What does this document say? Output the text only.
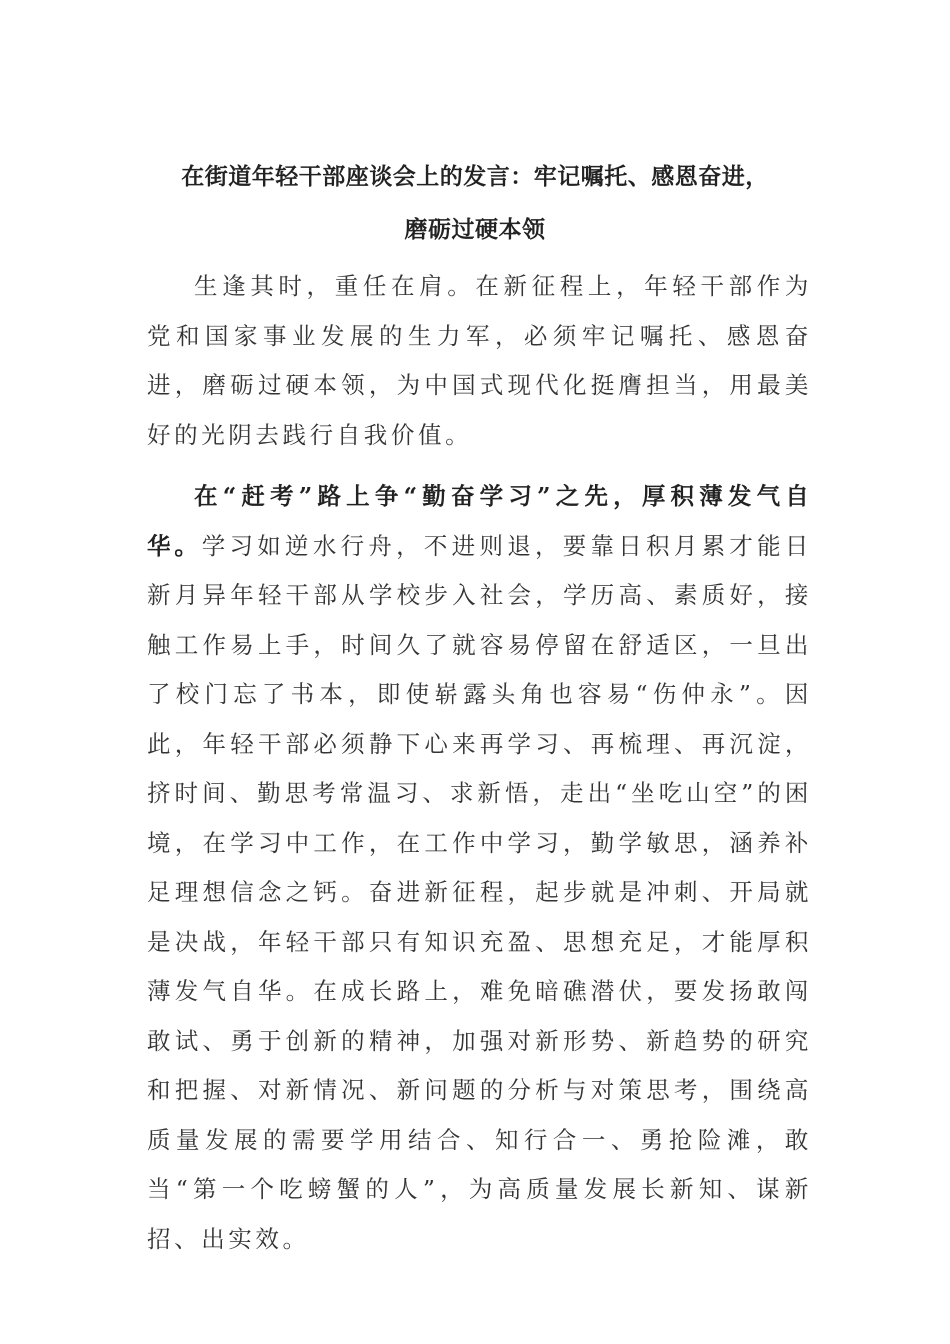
在街道年轻干部座谈会上的发言：牢记嘱托、感恩奋进，
磨砺过硬本领

生逢其时，重任在肩。在新征程上，年轻干部作为党和国家事业发展的生力军，必须牢记嘱托、感恩奋进，磨砺过硬本领，为中国式现代化挺膺担当，用最美好的光阴去践行自我价值。

在“赶考”路上争“勤奋学习”之先，厚积薄发气自华。学习如逆水行舟，不进则退，要靠日积月累才能日新月异年轻干部从学校步入社会，学历高、素质好，接触工作易上手，时间久了就容易停留在舒适区，一旦出了校门忘了书本，即使崭露头角也容易“伤仲永”。因此，年轻干部必须静下心来再学习、再梳理、再沉淀，挤时间、勤思考常温习、求新悟，走出“坐吃山空”的困境，在学习中工作，在工作中学习，勤学敏思，涵养补足理想信念之钙。奋进新征程，起步就是冲刺、开局就是决战，年轻干部只有知识充盈、思想充足，才能厚积薄发气自华。在成长路上，难免暗礁潜伏，要发扬敢闯敢试、勇于创新的精神，加强对新形势、新趋势的研究和把握、对新情况、新问题的分析与对策思考，围绕高质量发展的需要学用结合、知行合一、勇抢险滩，敢当“第一个吃螃蟹的人”，为高质量发展长新知、谋新招、出实效。
